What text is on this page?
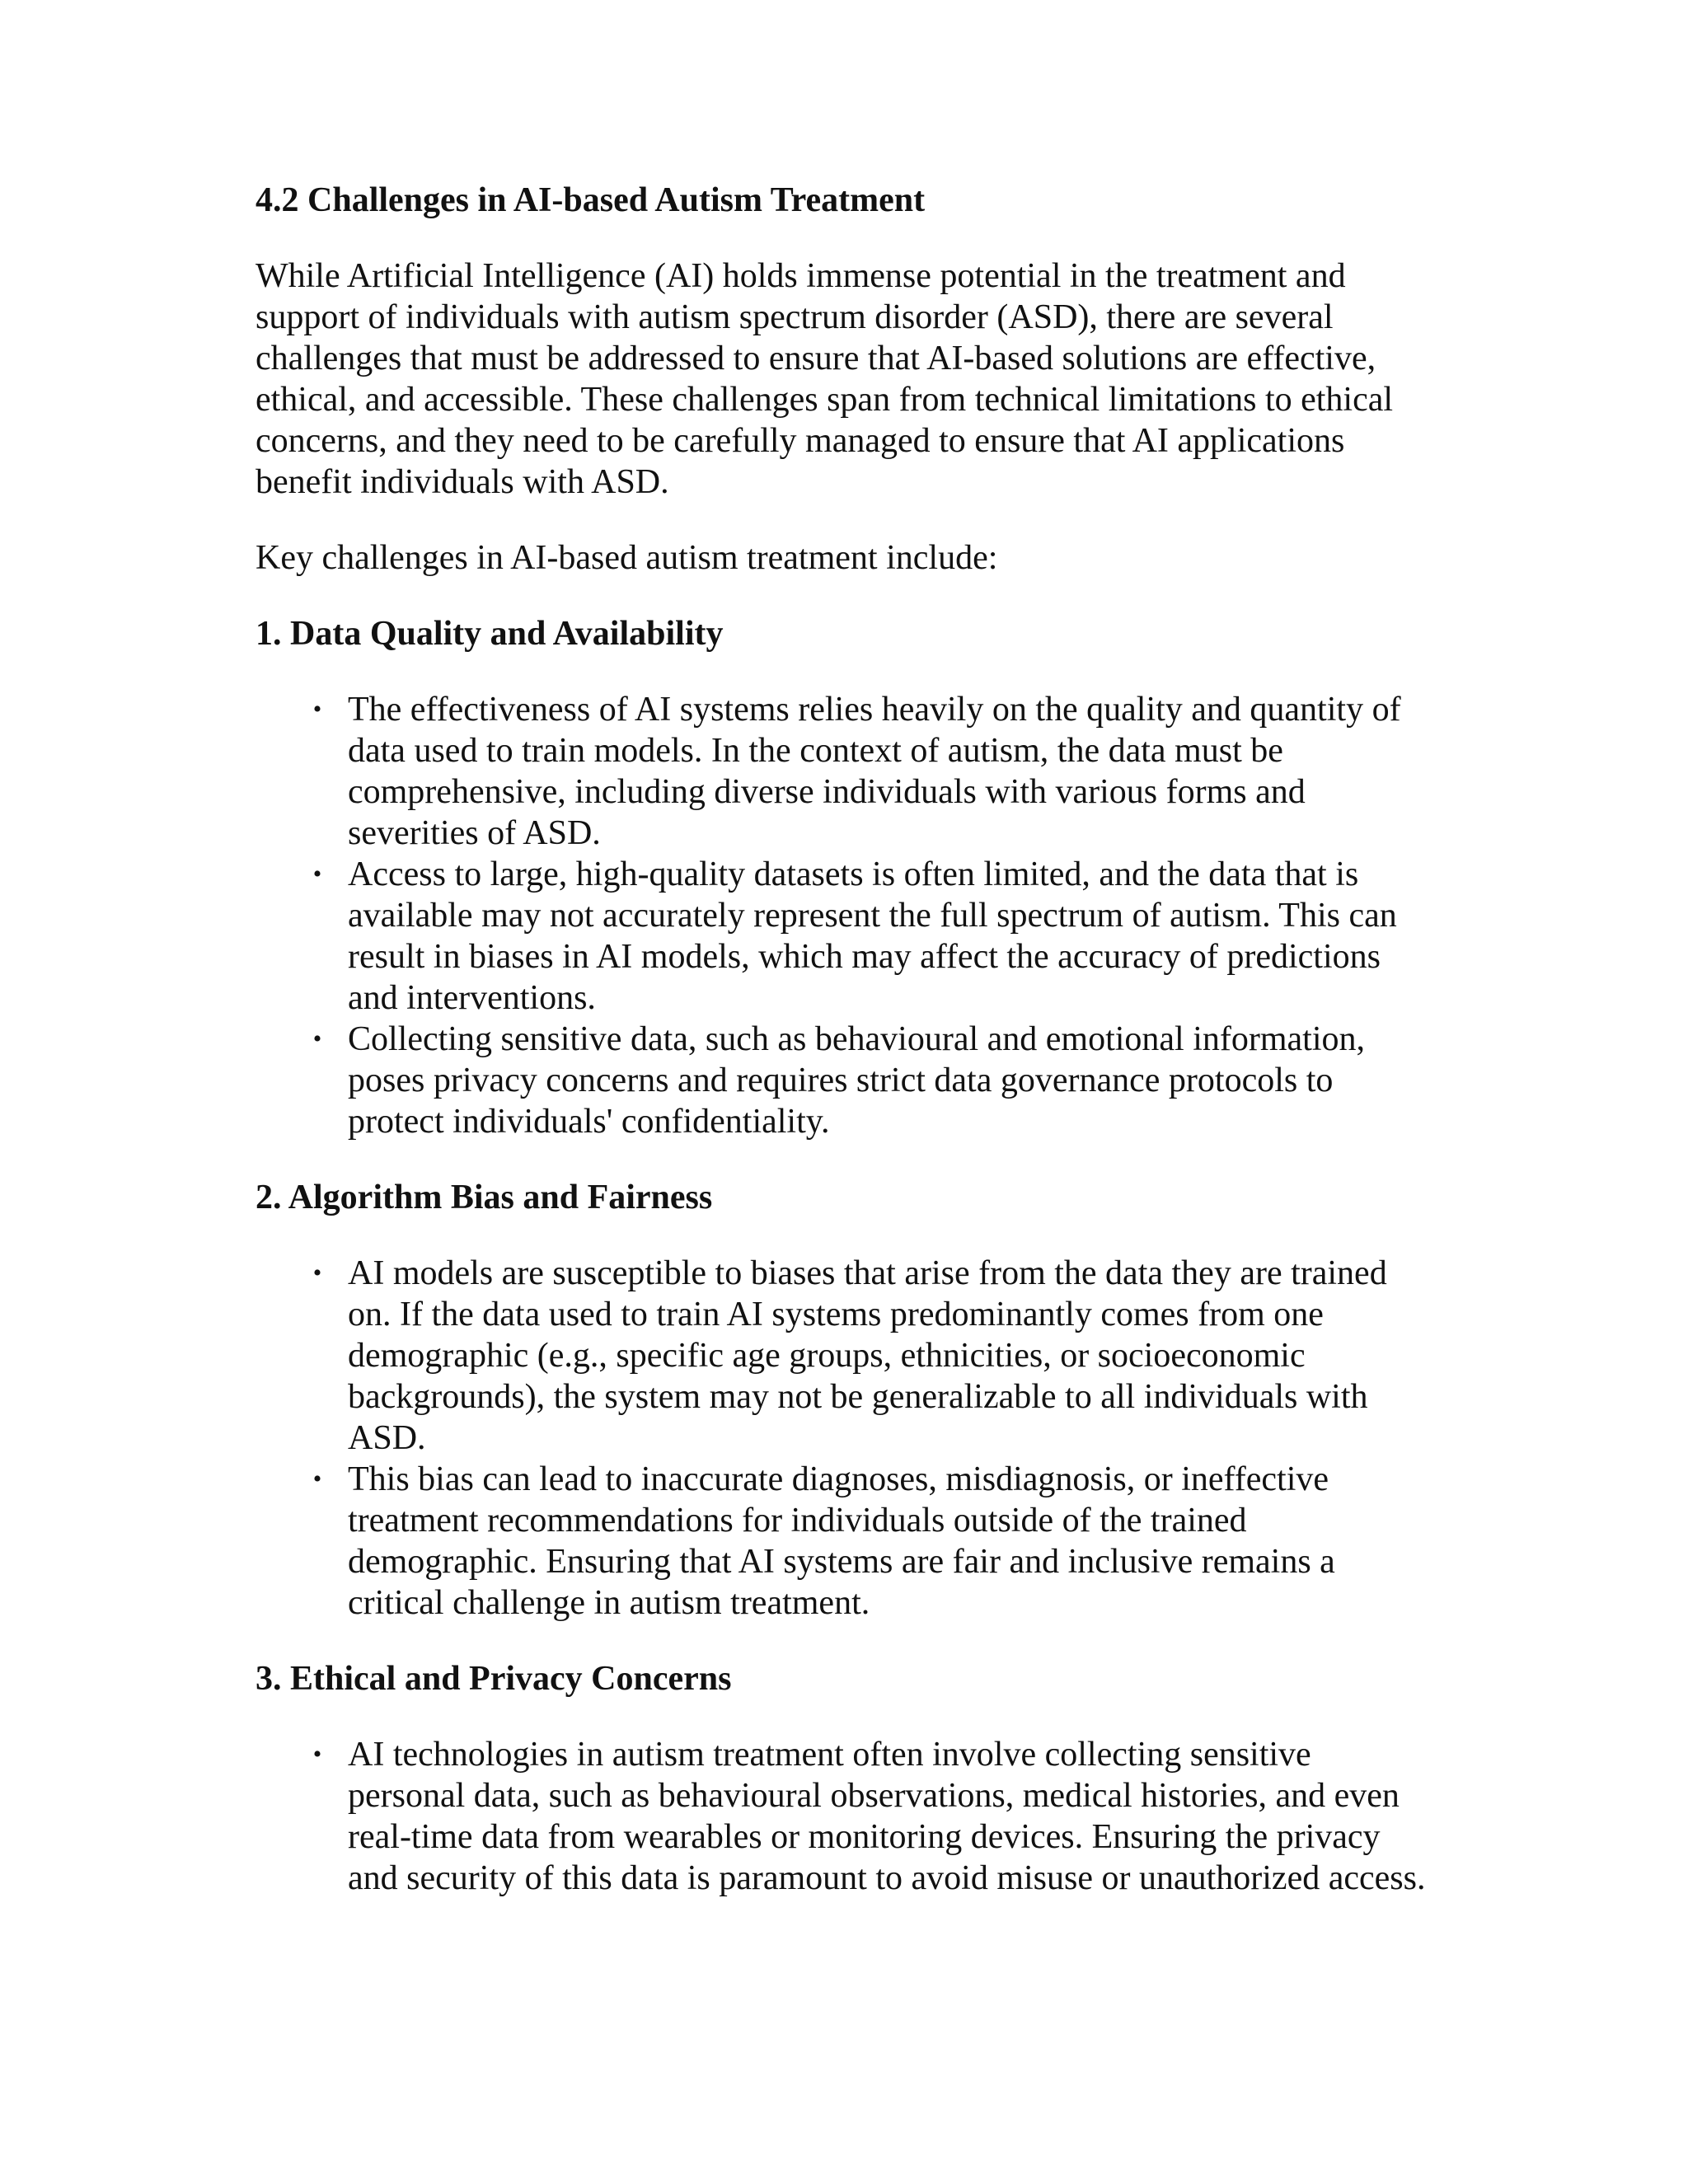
4.2 Challenges in AI-based Autism Treatment

While Artificial Intelligence (AI) holds immense potential in the treatment and support of individuals with autism spectrum disorder (ASD), there are several challenges that must be addressed to ensure that AI-based solutions are effective, ethical, and accessible. These challenges span from technical limitations to ethical concerns, and they need to be carefully managed to ensure that AI applications benefit individuals with ASD.

Key challenges in AI-based autism treatment include:

1. Data Quality and Availability
• The effectiveness of AI systems relies heavily on the quality and quantity of data used to train models. In the context of autism, the data must be comprehensive, including diverse individuals with various forms and severities of ASD.
• Access to large, high-quality datasets is often limited, and the data that is available may not accurately represent the full spectrum of autism. This can result in biases in AI models, which may affect the accuracy of predictions and interventions.
• Collecting sensitive data, such as behavioural and emotional information, poses privacy concerns and requires strict data governance protocols to protect individuals' confidentiality.
2. Algorithm Bias and Fairness
• AI models are susceptible to biases that arise from the data they are trained on. If the data used to train AI systems predominantly comes from one demographic (e.g., specific age groups, ethnicities, or socioeconomic backgrounds), the system may not be generalizable to all individuals with ASD.
• This bias can lead to inaccurate diagnoses, misdiagnosis, or ineffective treatment recommendations for individuals outside of the trained demographic. Ensuring that AI systems are fair and inclusive remains a critical challenge in autism treatment.
3. Ethical and Privacy Concerns
• AI technologies in autism treatment often involve collecting sensitive personal data, such as behavioural observations, medical histories, and even real-time data from wearables or monitoring devices. Ensuring the privacy and security of this data is paramount to avoid misuse or unauthorized access.
